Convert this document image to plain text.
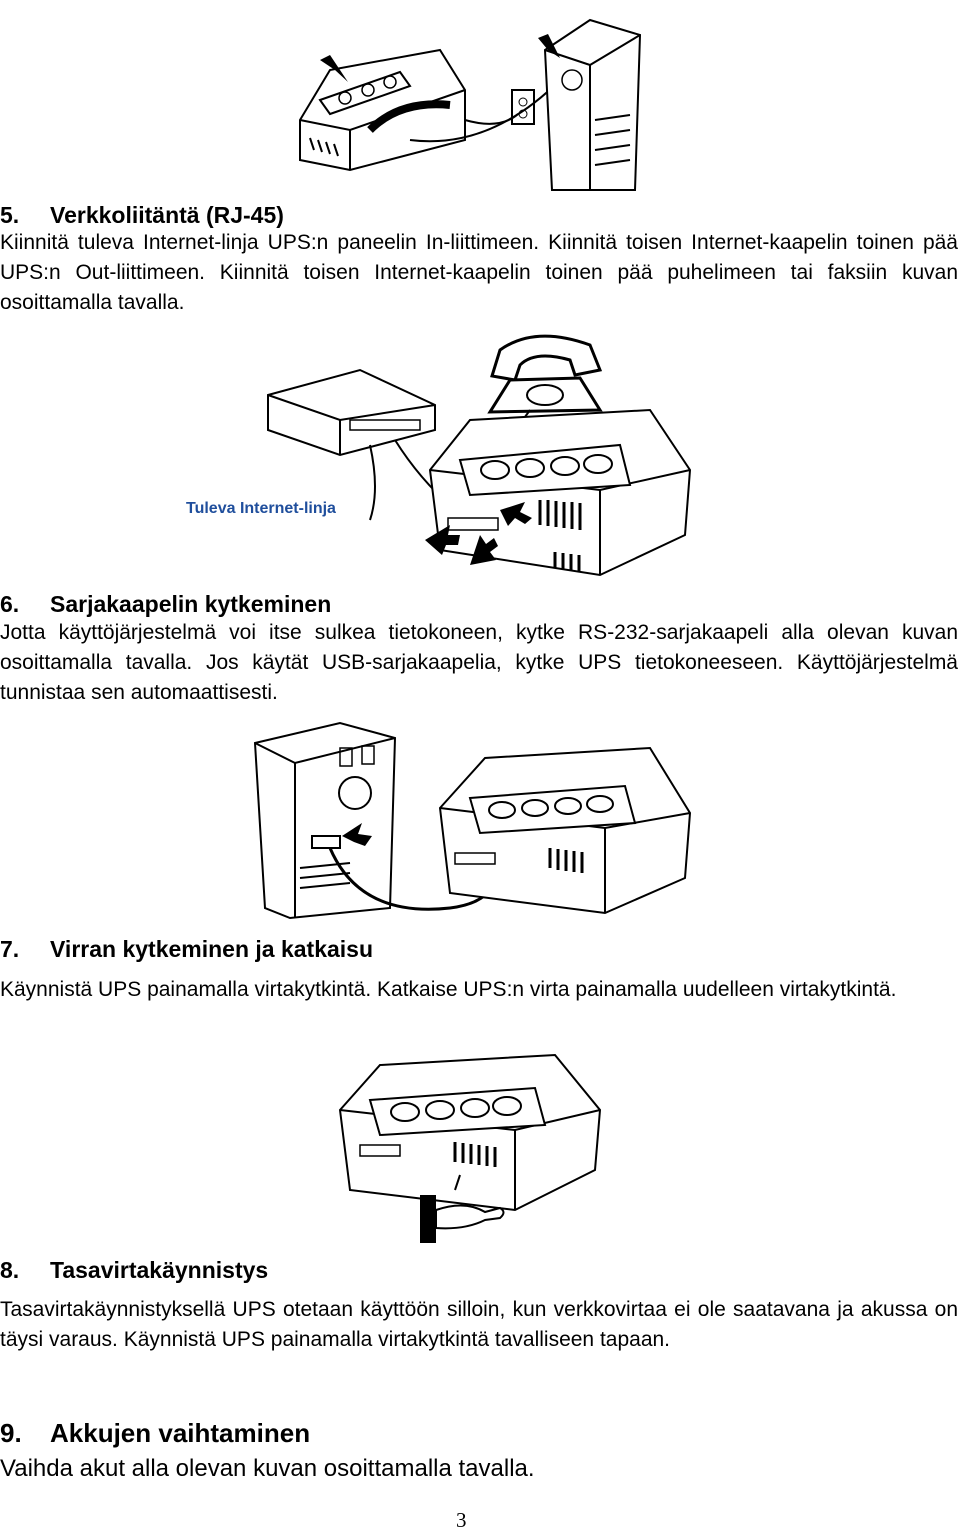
5. Verkkoliitäntä (RJ-45)
Kiinnitä tuleva Internet-linja UPS:n paneelin In-liittimeen. Kiinnitä toisen Internet-kaapelin toinen pää UPS:n Out-liittimeen. Kiinnitä toisen Internet-kaapelin toinen pää puhelimeen tai faksiin kuvan osoittamalla tavalla.
Tuleva Internet-linja
6. Sarjakaapelin kytkeminen
Jotta käyttöjärjestelmä voi itse sulkea tietokoneen, kytke RS-232-sarjakaapeli alla olevan kuvan osoittamalla tavalla. Jos käytät USB-sarjakaapelia, kytke UPS tietokoneeseen. Käyttöjärjestelmä tunnistaa sen automaattisesti.
7. Virran kytkeminen ja katkaisu
Käynnistä UPS painamalla virtakytkintä. Katkaise UPS:n virta painamalla uudelleen virtakytkintä.
8. Tasavirtakäynnistys
Tasavirtakäynnistyksellä UPS otetaan käyttöön silloin, kun verkkovirtaa ei ole saatavana ja akussa on täysi varaus. Käynnistä UPS painamalla virtakytkintä tavalliseen tapaan.
9. Akkujen vaihtaminen
Vaihda akut alla olevan kuvan osoittamalla tavalla.
3
